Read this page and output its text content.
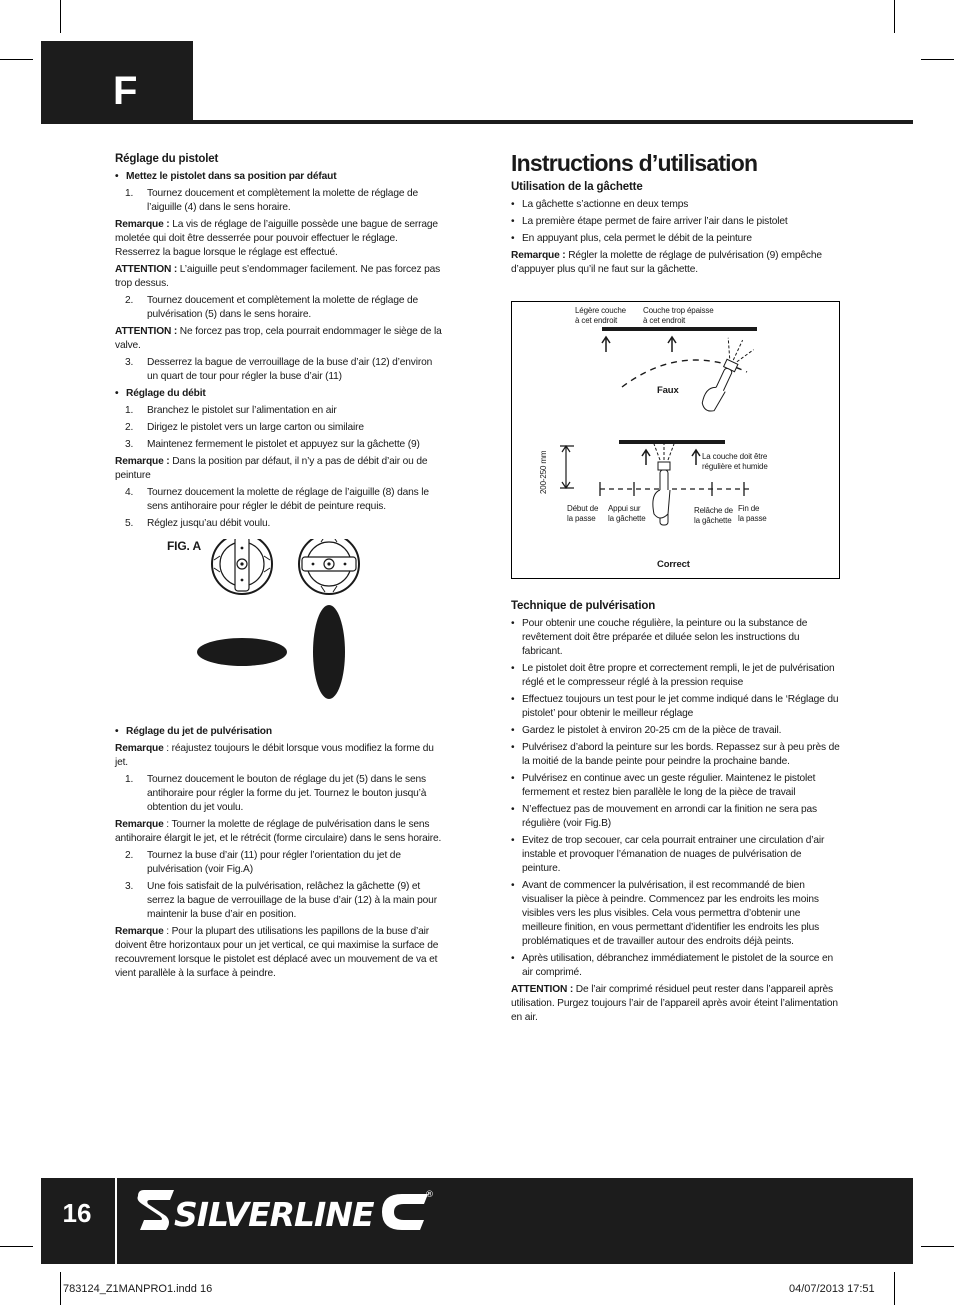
F
Réglage du pistolet
• Mettez le pistolet dans sa position par défaut
1. Tournez doucement et complètement la molette de réglage de l’aiguille (4) dans le sens horaire.
Remarque : La vis de réglage de l’aiguille possède une bague de serrage moletée qui doit être desserrée pour pouvoir effectuer le réglage. Resserrez la bague lorsque le réglage est effectué.
ATTENTION : L’aiguille peut s’endommager facilement. Ne pas forcez pas trop dessus.
2. Tournez doucement et complètement la molette de réglage de pulvérisation (5) dans le sens horaire.
ATTENTION : Ne forcez pas trop, cela pourrait endommager le siège de la valve.
3. Desserrez la bague de verrouillage de la buse d’air (12) d’environ un quart de tour pour régler la buse d’air (11)
• Réglage du débit
1. Branchez le pistolet sur l’alimentation en air
2. Dirigez le pistolet vers un large carton ou similaire
3. Maintenez fermement le pistolet et appuyez sur la gâchette (9)
Remarque : Dans la position par défaut, il n’y a pas de débit d’air ou de peinture
4. Tournez doucement la molette de réglage de l’aiguille (8) dans le sens antihoraire pour régler le débit de peinture requis.
5. Réglez jusqu’au débit voulu.
FIG. A
• Réglage du jet de pulvérisation
Remarque : réajustez toujours le débit lorsque vous modifiez la forme du jet.
1. Tournez doucement le bouton de réglage du jet (5) dans le sens antihoraire pour régler la forme du jet. Tournez le bouton jusqu’à obtention du jet voulu.
Remarque : Tourner la molette de réglage de pulvérisation dans le sens antihoraire élargit le jet, et le rétrécit (forme circulaire) dans le sens horaire.
2. Tournez la buse d’air (11) pour régler l’orientation du jet de pulvérisation (voir Fig.A)
3. Une fois satisfait de la pulvérisation, relâchez la gâchette (9) et serrez la bague de verrouillage de la buse d’air (12) à la main pour maintenir la buse d’air en position.
Remarque : Pour la plupart des utilisations les papillons de la buse d’air doivent être horizontaux pour un jet vertical, ce qui maximise la surface de recouvrement lorsque le pistolet est déplacé avec un mouvement de va et vient parallèle à la surface à peindre.
Instructions d’utilisation
Utilisation de la gâchette
• La gâchette s’actionne en deux temps
• La première étape permet de faire arriver l’air dans le pistolet
• En appuyant plus, cela permet le débit de la peinture
Remarque : Régler la molette de réglage de pulvérisation (9) empêche d’appuyer plus qu’il ne faut sur la gâchette.
Légère couche
à cet endroit
Couche trop épaisse
à cet endroit
Faux
200-250 mm	La couche doit être
régulière et humide
Début de
la passe
Appui sur
la gâchette
Relâche de
la gâchette
Fin de
la passe
Correct
Technique de pulvérisation
• Pour obtenir une couche régulière, la peinture ou la substance de revêtement doit être préparée et diluée selon les instructions du fabricant.
• Le pistolet doit être propre et correctement rempli, le jet de pulvérisation réglé et le compresseur réglé à la pression requise
• Effectuez toujours un test pour le jet comme indiqué dans le ‘Réglage du pistolet’ pour obtenir le meilleur réglage
• Gardez le pistolet à environ 20-25 cm de la pièce de travail.
• Pulvérisez d’abord la peinture sur les bords. Repassez sur à peu près de la moitié de la bande peinte pour peindre la prochaine bande.
• Pulvérisez en continue avec un geste régulier. Maintenez le pistolet fermement et restez bien parallèle le long de la pièce de travail
• N’effectuez pas de mouvement en arrondi car la finition ne sera pas régulière (voir Fig.B)
• Evitez de trop secouer, car cela pourrait entrainer une circulation d’air instable et provoquer l’émanation de nuages de pulvérisation de peinture.
• Avant de commencer la pulvérisation, il est recommandé de bien visualiser la pièce à peindre. Commencez par les endroits les moins visibles vers les plus visibles. Cela vous permettra d’obtenir une meilleure finition, en vous permettant d’identifier les endroits les plus problématiques et de travailler autour des endroits déjà peints.
• Après utilisation, débranchez immédiatement le pistolet de la source en air comprimé.
ATTENTION : De l’air comprimé résiduel peut rester dans l’appareil après utilisation. Purgez toujours l’air de l’appareil après avoir éteint l’alimentation en air.
16	SILVERLINE	®
783124_Z1MANPRO1.indd 16	04/07/2013 17:51
